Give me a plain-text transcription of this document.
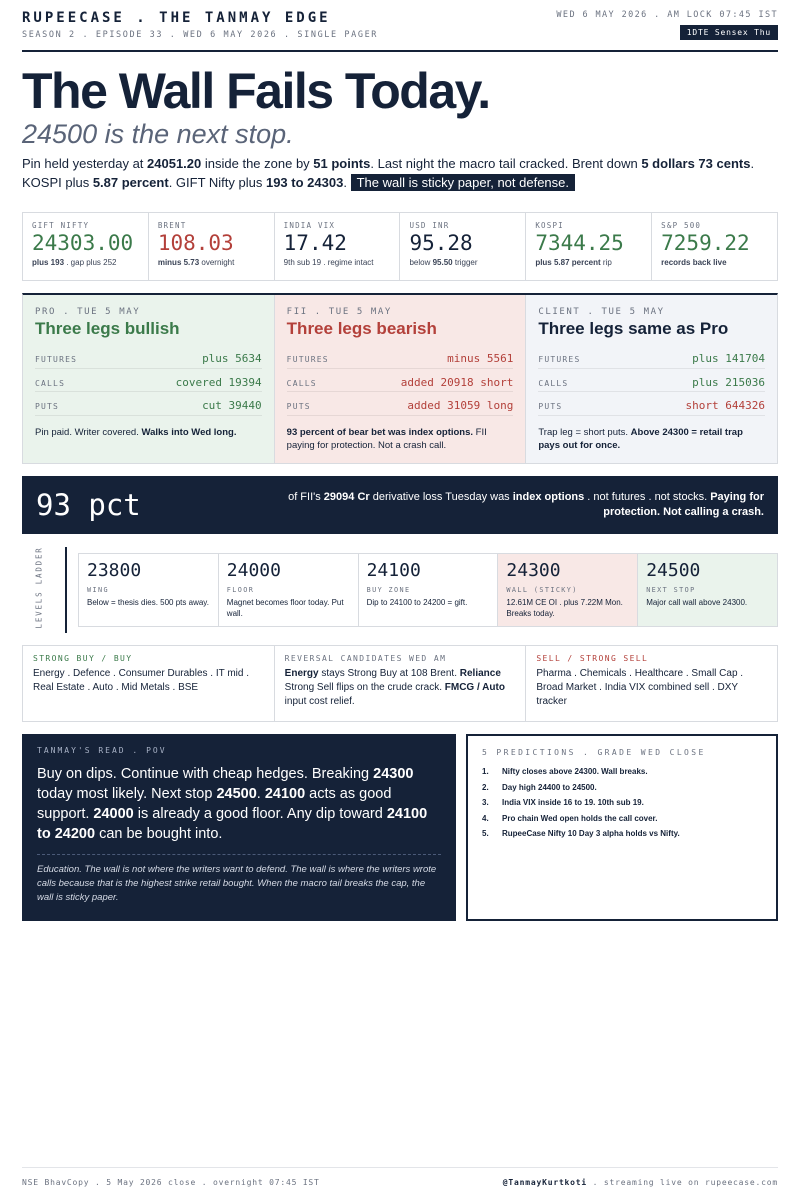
RUPEECASE . THE TANMAY EDGE
SEASON 2 . EPISODE 33 . WED 6 MAY 2026 . SINGLE PAGER
WED 6 MAY 2026 . AM LOCK 07:45 IST
1DTE Sensex Thu
The Wall Fails Today.
24500 is the next stop.

Pin held yesterday at 24051.20 inside the zone by 51 points. Last night the macro tail cracked. Brent down 5 dollars 73 cents. KOSPI plus 5.87 percent. GIFT Nifty plus 193 to 24303. The wall is sticky paper, not defense.

GIFT NIFTY
24303.00
plus 193 . gap plus 252
BRENT
108.03
minus 5.73 overnight
INDIA VIX
17.42
9th sub 19 . regime intact
USD INR
95.28
below 95.50 trigger
KOSPI
7344.25
plus 5.87 percent rip
S&P 500
7259.22
records back live
PRO . TUE 5 MAY
Three legs bullish
FUTURES	plus 5634
CALLS	covered 19394
PUTS	cut 39440
Pin paid. Writer covered. Walks into Wed long.
FII . TUE 5 MAY
Three legs bearish
FUTURES	minus 5561
CALLS	added 20918 short
PUTS	added 31059 long
93 percent of bear bet was index options. FII paying for protection. Not a crash call.
CLIENT . TUE 5 MAY
Three legs same as Pro
FUTURES	plus 141704
CALLS	plus 215036
PUTS	short 644326
Trap leg = short puts. Above 24300 = retail trap pays out for once.
93 pct	of FII's 29094 Cr derivative loss Tuesday was index options . not futures . not stocks. Paying for protection. Not calling a crash.
LEVELS LADDER 23800
WING
Below = thesis dies. 500 pts away.
24000
FLOOR
Magnet becomes floor today. Put wall.
24100
BUY ZONE
Dip to 24100 to 24200 = gift.
24300
WALL (STICKY)
12.61M CE OI . plus 7.22M Mon. Breaks today.
24500
NEXT STOP
Major call wall above 24300.
STRONG BUY / BUY
Energy . Defence . Consumer Durables . IT mid . Real Estate . Auto . Mid Metals . BSE
REVERSAL CANDIDATES WED AM
Energy stays Strong Buy at 108 Brent. Reliance Strong Sell flips on the crude crack. FMCG / Auto input cost relief.
SELL / STRONG SELL
Pharma . Chemicals . Healthcare . Small Cap . Broad Market . India VIX combined sell . DXY tracker
TANMAY'S READ . POV
Buy on dips. Continue with cheap hedges. Breaking 24300 today most likely. Next stop 24500. 24100 acts as good support. 24000 is already a good floor. Any dip toward 24100 to 24200 can be bought into.
Education. The wall is not where the writers want to defend. The wall is where the writers wrote calls because that is the highest strike retail bought. When the macro tail breaks the cap, the wall is sticky paper.
5 PREDICTIONS . GRADE WED CLOSE
1.	Nifty closes above 24300. Wall breaks.
2.	Day high 24400 to 24500.
3.	India VIX inside 16 to 19. 10th sub 19.
4.	Pro chain Wed open holds the call cover.
5.	RupeeCase Nifty 10 Day 3 alpha holds vs Nifty.
NSE BhavCopy . 5 May 2026 close . overnight 07:45 IST	@TanmayKurtkoti . streaming live on rupeecase.com
